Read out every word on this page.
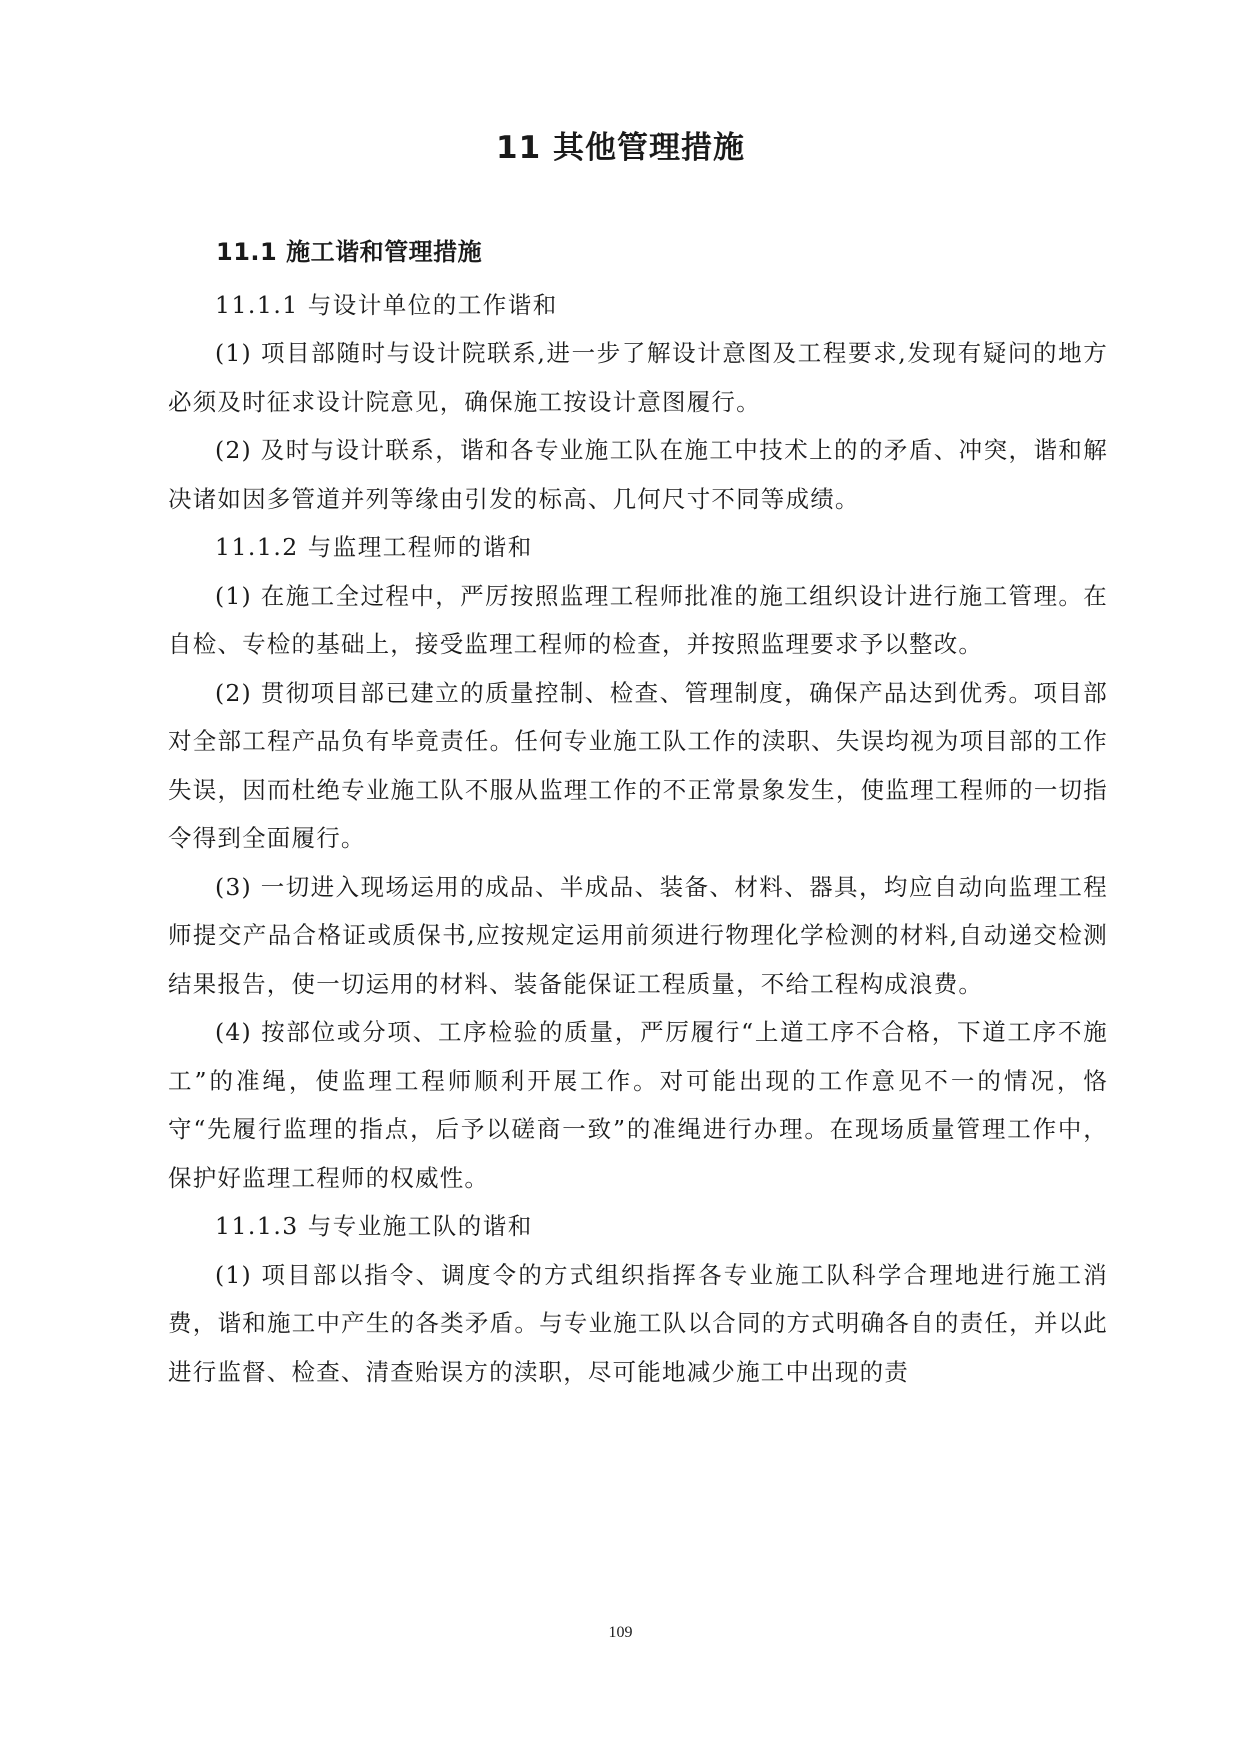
11 其他管理措施

11.1 施工谐和管理措施

11.1.1 与设计单位的工作谐和

(1) 项目部随时与设计院联系,进一步了解设计意图及工程要求,发现有疑问的地方必须及时征求设计院意见，确保施工按设计意图履行。

(2) 及时与设计联系，谐和各专业施工队在施工中技术上的的矛盾、冲突，谐和解决诸如因多管道并列等缘由引发的标高、几何尺寸不同等成绩。

11.1.2 与监理工程师的谐和

(1) 在施工全过程中，严厉按照监理工程师批准的施工组织设计进行施工管理。在自检、专检的基础上，接受监理工程师的检查，并按照监理要求予以整改。

(2) 贯彻项目部已建立的质量控制、检查、管理制度，确保产品达到优秀。项目部对全部工程产品负有毕竟责任。任何专业施工队工作的渎职、失误均视为项目部的工作失误，因而杜绝专业施工队不服从监理工作的不正常景象发生，使监理工程师的一切指令得到全面履行。

(3) 一切进入现场运用的成品、半成品、装备、材料、器具，均应自动向监理工程师提交产品合格证或质保书,应按规定运用前须进行物理化学检测的材料,自动递交检测结果报告，使一切运用的材料、装备能保证工程质量，不给工程构成浪费。

(4) 按部位或分项、工序检验的质量，严厉履行“上道工序不合格，下道工序不施工”的准绳，使监理工程师顺利开展工作。对可能出现的工作意见不一的情况，恪守“先履行监理的指点，后予以磋商一致”的准绳进行办理。在现场质量管理工作中，保护好监理工程师的权威性。

11.1.3 与专业施工队的谐和

(1) 项目部以指令、调度令的方式组织指挥各专业施工队科学合理地进行施工消费，谐和施工中产生的各类矛盾。与专业施工队以合同的方式明确各自的责任，并以此进行监督、检查、清查贻误方的渎职，尽可能地减少施工中出现的责

109
